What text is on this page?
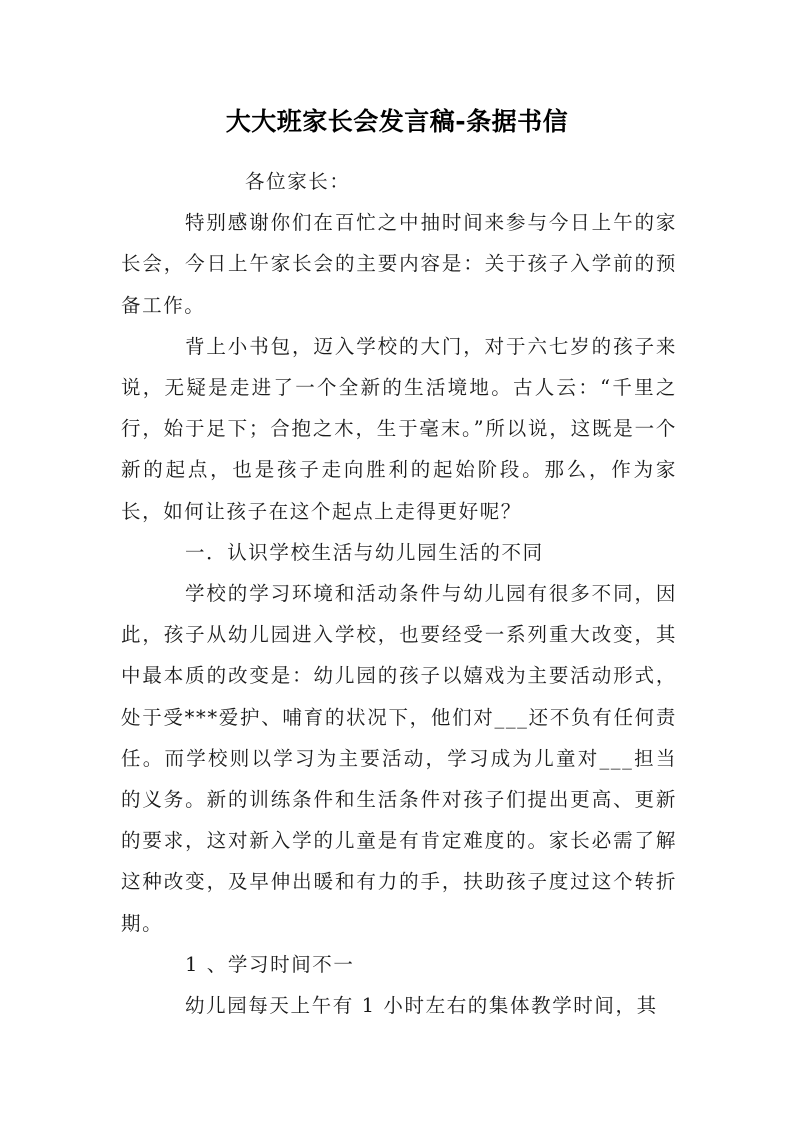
大大班家长会发言稿-条据书信

各位家长：

特别感谢你们在百忙之中抽时间来参与今日上午的家长会，今日上午家长会的主要内容是：关于孩子入学前的预备工作。

背上小书包，迈入学校的大门，对于六七岁的孩子来说，无疑是走进了一个全新的生活境地。古人云：“千里之行，始于足下；合抱之木，生于毫末。”所以说，这既是一个新的起点，也是孩子走向胜利的起始阶段。那么，作为家长，如何让孩子在这个起点上走得更好呢？

一．认识学校生活与幼儿园生活的不同

学校的学习环境和活动条件与幼儿园有很多不同，因此，孩子从幼儿园进入学校，也要经受一系列重大改变，其中最本质的改变是：幼儿园的孩子以嬉戏为主要活动形式，处于受***爱护、哺育的状况下，他们对___还不负有任何责任。而学校则以学习为主要活动，学习成为儿童对___担当的义务。新的训练条件和生活条件对孩子们提出更高、更新的要求，这对新入学的儿童是有肯定难度的。家长必需了解这种改变，及早伸出暖和有力的手，扶助孩子度过这个转折期。

1 、学习时间不一

幼儿园每天上午有 1 小时左右的集体教学时间，其
